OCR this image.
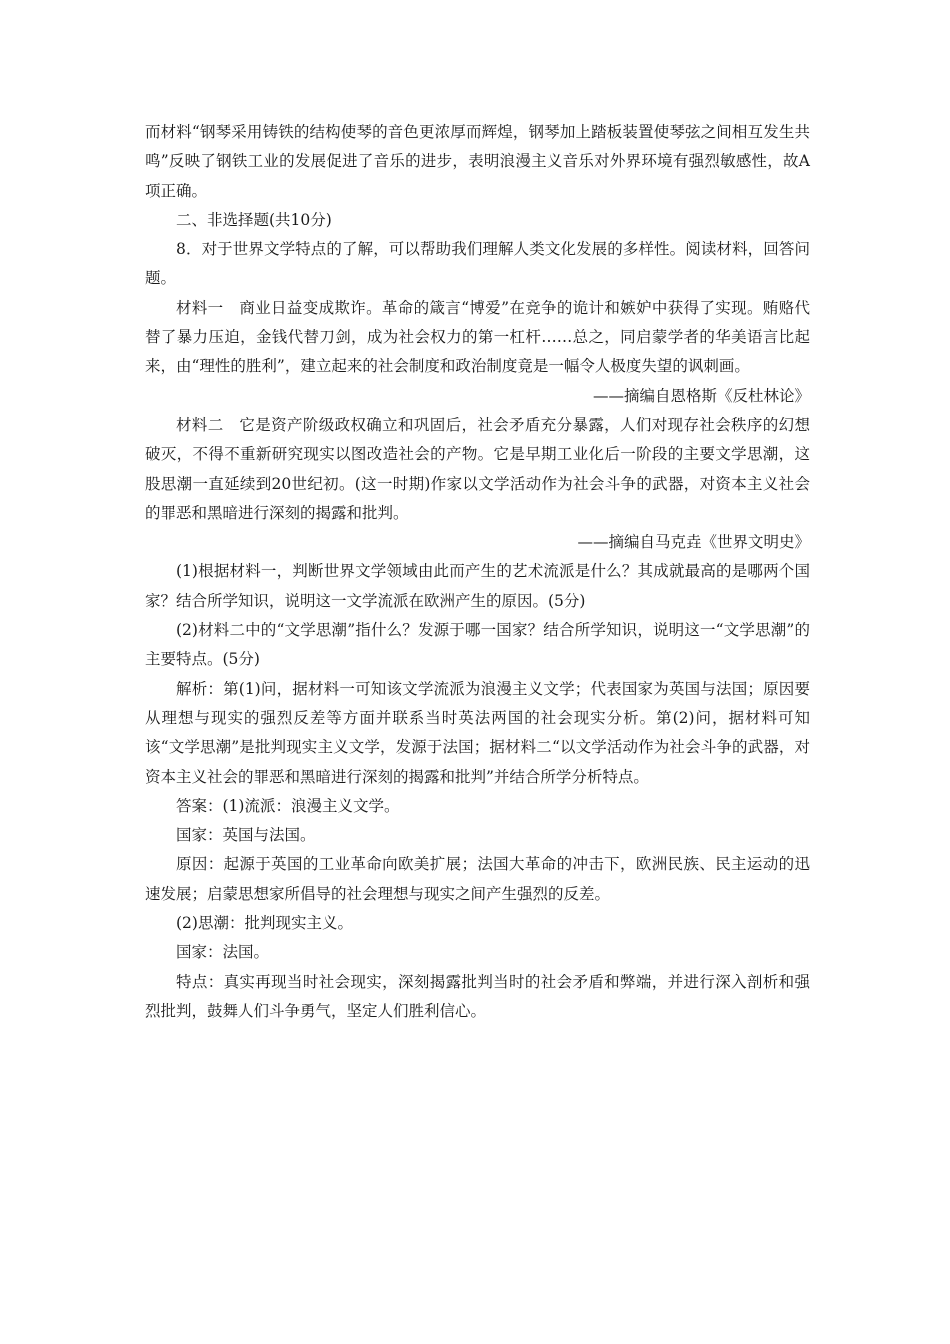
而材料“钢琴采用铸铁的结构使琴的音色更浓厚而辉煌，钢琴加上踏板装置使琴弦之间相互发生共鸣”反映了钢铁工业的发展促进了音乐的进步，表明浪漫主义音乐对外界环境有强烈敏感性，故A项正确。

二、非选择题(共10分)

8．对于世界文学特点的了解，可以帮助我们理解人类文化发展的多样性。阅读材料，回答问题。

材料一　商业日益变成欺诈。革命的箴言“博爱”在竞争的诡计和嫉妒中获得了实现。贿赂代替了暴力压迫，金钱代替刀剑，成为社会权力的第一杠杆……总之，同启蒙学者的华美语言比起来，由“理性的胜利”，建立起来的社会制度和政治制度竟是一幅令人极度失望的讽刺画。

——摘编自恩格斯《反杜林论》

材料二　它是资产阶级政权确立和巩固后，社会矛盾充分暴露，人们对现存社会秩序的幻想破灭，不得不重新研究现实以图改造社会的产物。它是早期工业化后一阶段的主要文学思潮，这股思潮一直延续到20世纪初。(这一时期)作家以文学活动作为社会斗争的武器，对资本主义社会的罪恶和黑暗进行深刻的揭露和批判。

——摘编自马克垚《世界文明史》

(1)根据材料一，判断世界文学领域由此而产生的艺术流派是什么？其成就最高的是哪两个国家？结合所学知识，说明这一文学流派在欧洲产生的原因。(5分)

(2)材料二中的“文学思潮”指什么？发源于哪一国家？结合所学知识，说明这一“文学思潮”的主要特点。(5分)

解析：第(1)问，据材料一可知该文学流派为浪漫主义文学；代表国家为英国与法国；原因要从理想与现实的强烈反差等方面并联系当时英法两国的社会现实分析。第(2)问，据材料可知该“文学思潮”是批判现实主义文学，发源于法国；据材料二“以文学活动作为社会斗争的武器，对资本主义社会的罪恶和黑暗进行深刻的揭露和批判”并结合所学分析特点。

答案：(1)流派：浪漫主义文学。

国家：英国与法国。

原因：起源于英国的工业革命向欧美扩展；法国大革命的冲击下，欧洲民族、民主运动的迅速发展；启蒙思想家所倡导的社会理想与现实之间产生强烈的反差。

(2)思潮：批判现实主义。

国家：法国。

特点：真实再现当时社会现实，深刻揭露批判当时的社会矛盾和弊端，并进行深入剖析和强烈批判，鼓舞人们斗争勇气，坚定人们胜利信心。
